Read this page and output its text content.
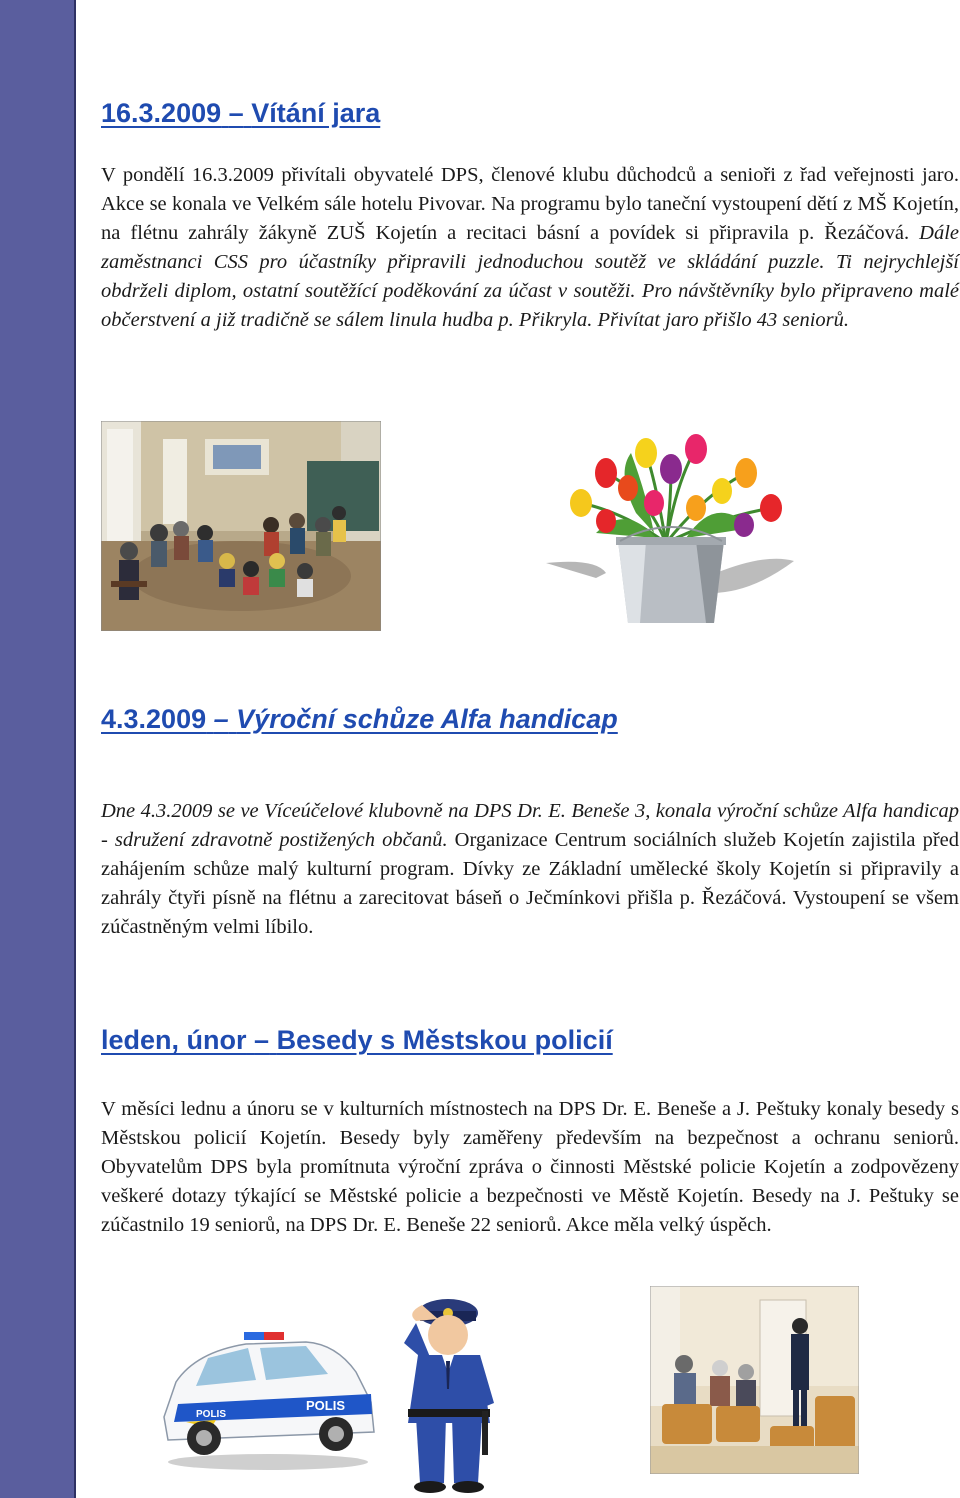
16.3.2009 – Vítání jara

V pondělí 16.3.2009 přivítali obyvatelé DPS, členové klubu důchodců a senioři z řad veřejnosti jaro. Akce se konala ve Velkém sále hotelu Pivovar. Na programu bylo taneční vystoupení dětí z MŠ Kojetín, na flétnu zahrály žákyně ZUŠ Kojetín a recitaci básní a povídek si připravila p. Řezáčová. Dále zaměstnanci CSS pro účastníky připravili jednoduchou soutěž ve skládání puzzle. Ti nejrychlejší obdrželi diplom, ostatní soutěžící poděkování za účast v soutěži. Pro návštěvníky bylo připraveno malé občerstvení a již tradičně se sálem linula hudba p. Přikryla. Přivítat jaro přišlo 43 seniorů.

4.3.2009 – Výroční schůze Alfa handicap

Dne 4.3.2009 se ve Víceúčelové klubovně na DPS Dr. E. Beneše 3, konala výroční schůze Alfa handicap - sdružení zdravotně postižených občanů. Organizace Centrum sociálních služeb Kojetín zajistila před zahájením schůze malý kulturní program. Dívky ze Základní umělecké školy Kojetín si připravily a zahrály čtyři písně na flétnu a zarecitovat báseň o Ječmínkovi přišla p. Řezáčová. Vystoupení se všem zúčastněným velmi líbilo.

leden, únor – Besedy s Městskou policií

V měsíci lednu a únoru se v kulturních místnostech na DPS Dr. E. Beneše a J. Peštuky konaly besedy s Městskou policií Kojetín. Besedy byly zaměřeny především na bezpečnost a ochranu seniorů. Obyvatelům DPS byla promítnuta výroční zpráva o činnosti Městské policie Kojetín a zodpovězeny veškeré dotazy týkající se Městské policie a bezpečnosti ve Městě Kojetín. Besedy na J. Peštuky se zúčastnilo 19 seniorů, na DPS Dr. E. Beneše 22 seniorů. Akce měla velký úspěch.

POLIS
POLIS
